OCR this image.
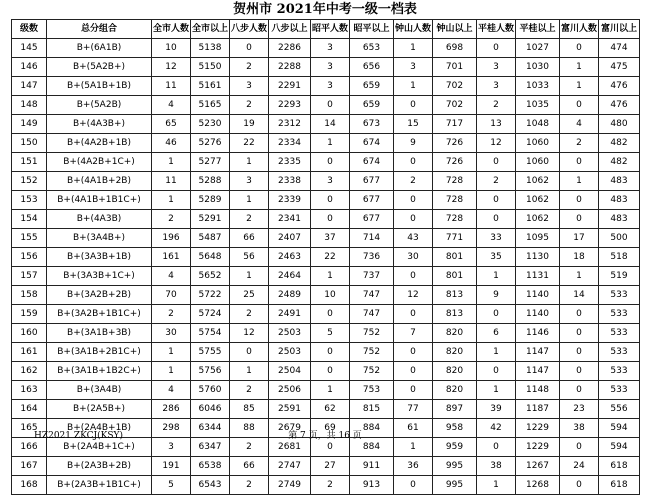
贺州市 2021年中考一级一档表
级数	总分组合	全市人数	全市以上	八步人数	八步以上	昭平人数	昭平以上	钟山人数	钟山以上	平桂人数	平桂以上	富川人数	富川以上
145	B+(6A1B)	10	5138	0	2286	3	653	1	698	0	1027	0	474
146	B+(5A2B+)	12	5150	2	2288	3	656	3	701	3	1030	1	475
147	B+(5A1B+1B)	11	5161	3	2291	3	659	1	702	3	1033	1	476
148	B+(5A2B)	4	5165	2	2293	0	659	0	702	2	1035	0	476
149	B+(4A3B+)	65	5230	19	2312	14	673	15	717	13	1048	4	480
150	B+(4A2B+1B)	46	5276	22	2334	1	674	9	726	12	1060	2	482
151	B+(4A2B+1C+)	1	5277	1	2335	0	674	0	726	0	1060	0	482
152	B+(4A1B+2B)	11	5288	3	2338	3	677	2	728	2	1062	1	483
153	B+(4A1B+1B1C+)	1	5289	1	2339	0	677	0	728	0	1062	0	483
154	B+(4A3B)	2	5291	2	2341	0	677	0	728	0	1062	0	483
155	B+(3A4B+)	196	5487	66	2407	37	714	43	771	33	1095	17	500
156	B+(3A3B+1B)	161	5648	56	2463	22	736	30	801	35	1130	18	518
157	B+(3A3B+1C+)	4	5652	1	2464	1	737	0	801	1	1131	1	519
158	B+(3A2B+2B)	70	5722	25	2489	10	747	12	813	9	1140	14	533
159	B+(3A2B+1B1C+)	2	5724	2	2491	0	747	0	813	0	1140	0	533
160	B+(3A1B+3B)	30	5754	12	2503	5	752	7	820	6	1146	0	533
161	B+(3A1B+2B1C+)	1	5755	0	2503	0	752	0	820	1	1147	0	533
162	B+(3A1B+1B2C+)	1	5756	1	2504	0	752	0	820	0	1147	0	533
163	B+(3A4B)	4	5760	2	2506	1	753	0	820	1	1148	0	533
164	B+(2A5B+)	286	6046	85	2591	62	815	77	897	39	1187	23	556
165	B+(2A4B+1B)	298	6344	88	2679	69	884	61	958	42	1229	38	594
166	B+(2A4B+1C+)	3	6347	2	2681	0	884	1	959	0	1229	0	594
167	B+(2A3B+2B)	191	6538	66	2747	27	911	36	995	38	1267	24	618
168	B+(2A3B+1B1C+)	5	6543	2	2749	2	913	0	995	1	1268	0	618
HZ2021 ZKCJ(KSY)	第 7 页，共 16 页
